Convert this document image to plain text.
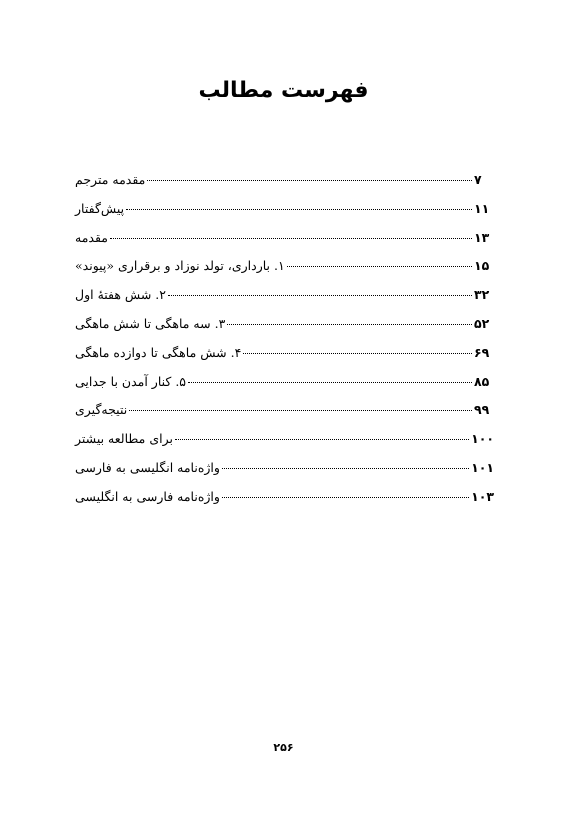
فهرست مطالب
مقدمه مترجم	۷
پیش‌گفتار	۱۱
مقدمه	۱۳
۱. بارداری، تولد نوزاد و برقراری «پیوند»	۱۵
۲. شش هفتهٔ اول	۳۲
۳. سه ماهگی تا شش ماهگی	۵۲
۴. شش ماهگی تا دوازده ماهگی	۶۹
۵. کنار آمدن با جدایی	۸۵
نتیجه‌گیری	۹۹
برای مطالعه بیشتر	۱۰۰
واژه‌نامه انگلیسی به فارسی	۱۰۱
واژه‌نامه فارسی به انگلیسی	۱۰۳
۲۵۶
